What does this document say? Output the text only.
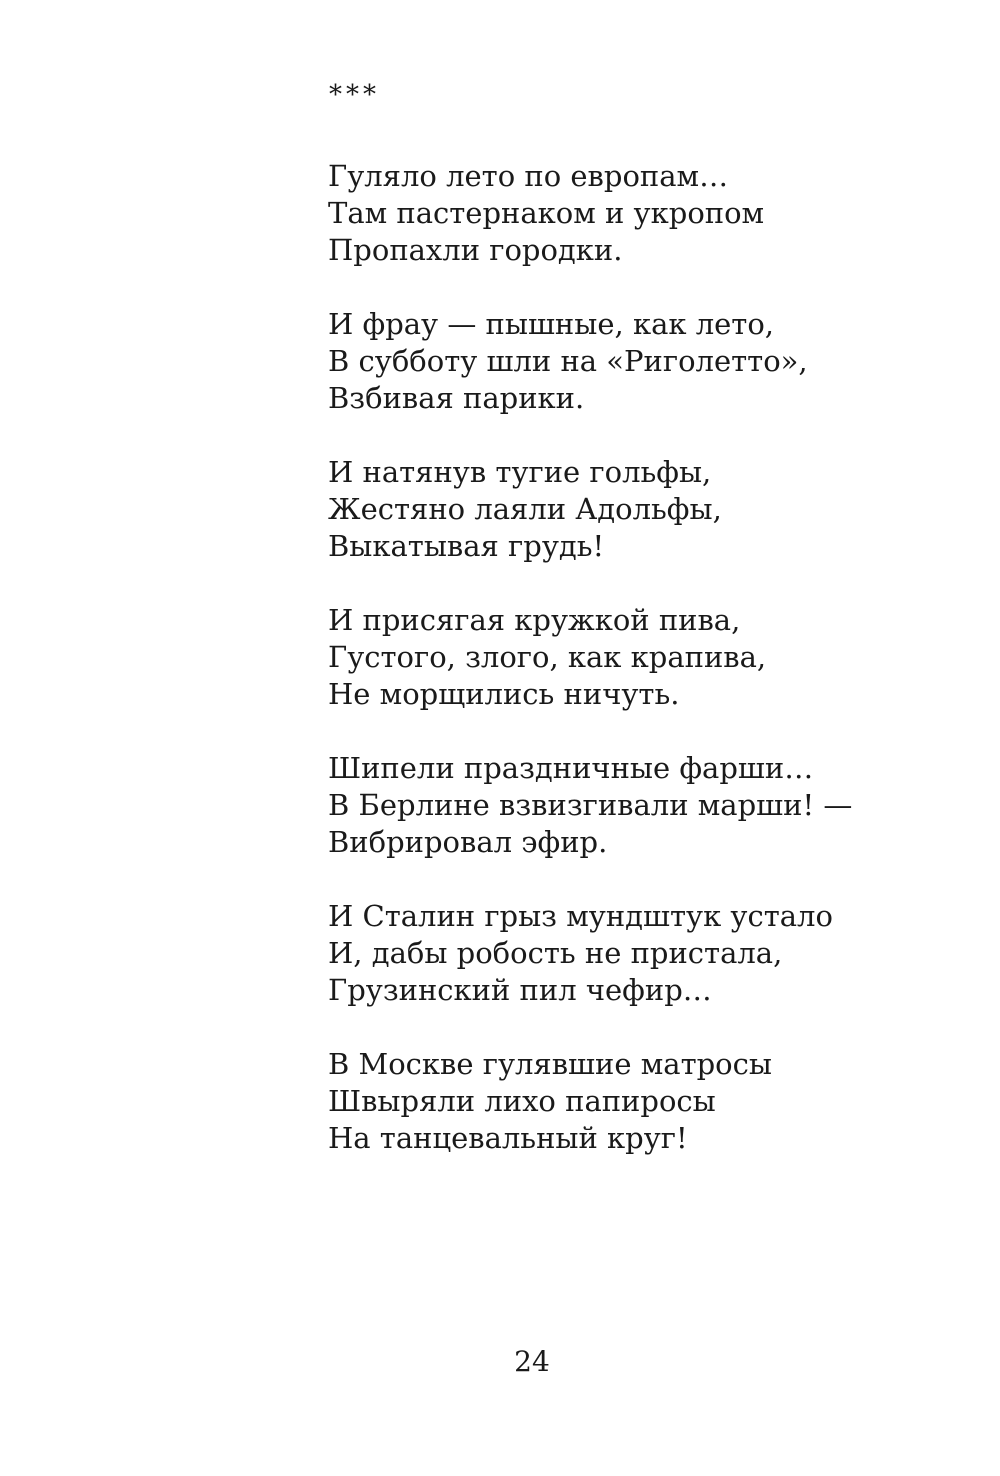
***
Гуляло лето по европам…
Там пастернаком и укропом
Пропахли городки.
И фрау — пышные, как лето,
В субботу шли на «Риголетто»,
Взбивая парики.
И натянув тугие гольфы,
Жестяно лаяли Адольфы,
Выкатывая грудь!
И присягая кружкой пива,
Густого, злого, как крапива,
Не морщились ничуть.
Шипели праздничные фарши…
В Берлине взвизгивали марши! —
Вибрировал эфир.
И Сталин грыз мундштук устало
И, дабы робость не пристала,
Грузинский пил чефир…
В Москве гулявшие матросы
Швыряли лихо папиросы
На танцевальный круг!
24
